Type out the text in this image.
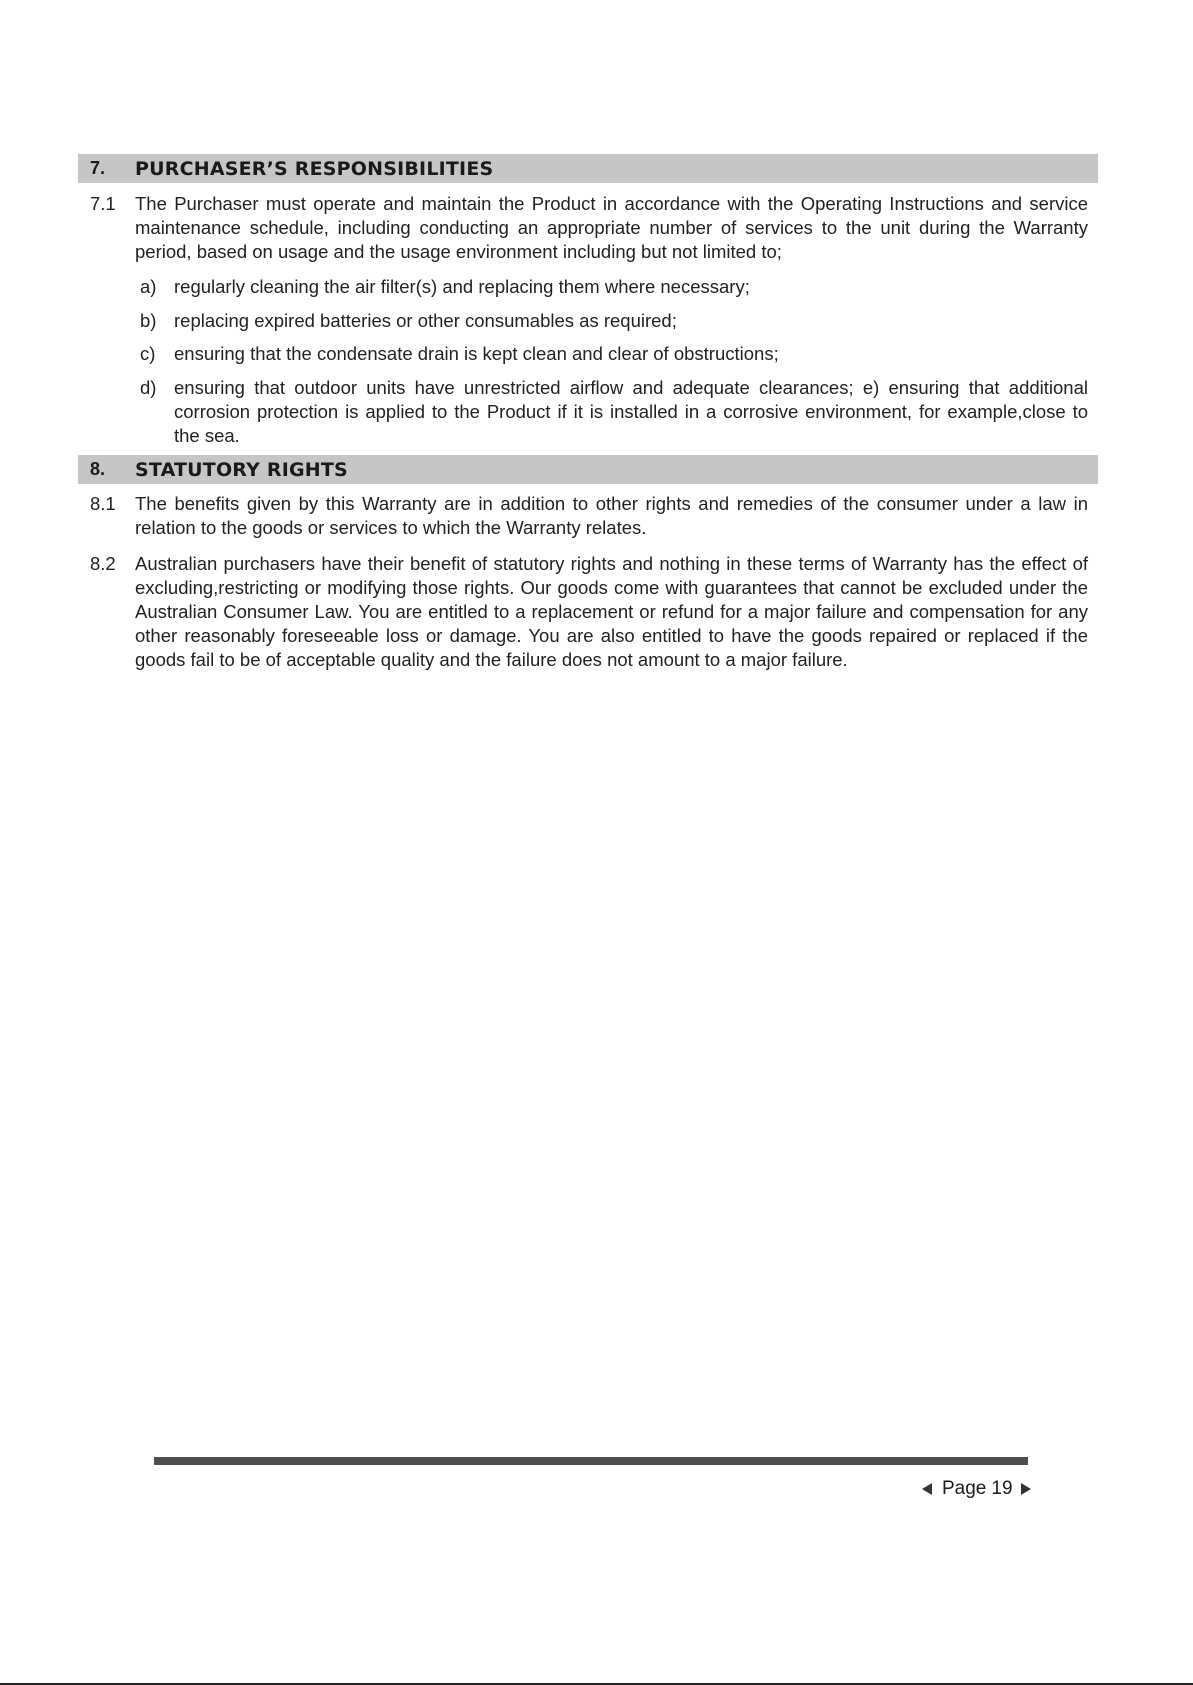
7. PURCHASER’S RESPONSIBILITIES
7.1 The Purchaser must operate and maintain the Product in accordance with the Operating Instructions and service maintenance schedule, including conducting an appropriate number of services to the unit during the Warranty period, based on usage and the usage environment including but not limited to;
a) regularly cleaning the air filter(s) and replacing them where necessary;
b) replacing expired batteries or other consumables as required;
c) ensuring that the condensate drain is kept clean and clear of obstructions;
d) ensuring that outdoor units have unrestricted airflow and adequate clearances; e) ensuring that additional corrosion protection is applied to the Product if it is installed in a corrosive environment, for example,close to the sea.
8. STATUTORY RIGHTS
8.1 The benefits given by this Warranty are in addition to other rights and remedies of the consumer under a law in relation to the goods or services to which the Warranty relates.
8.2 Australian purchasers have their benefit of statutory rights and nothing in these terms of Warranty has the effect of excluding,restricting or modifying those rights. Our goods come with guarantees that cannot be excluded under the Australian Consumer Law. You are entitled to a replacement or refund for a major failure and compensation for any other reasonably foreseeable loss or damage. You are also entitled to have the goods repaired or replaced if the goods fail to be of acceptable quality and the failure does not amount to a major failure.
Page 19
